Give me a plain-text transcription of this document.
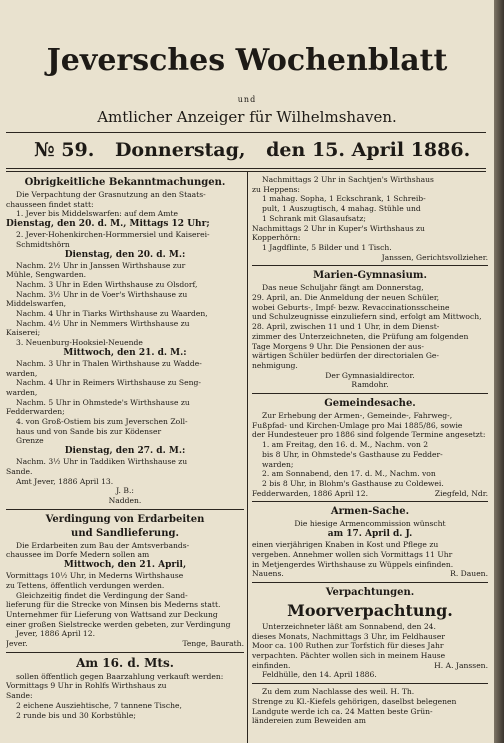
Jeversches Wochenblatt
und
Amtlicher Anzeiger für Wilhelmshaven.
№ 59. Donnerstag, den 15. April 1886.
Obrigkeitliche Bekanntmachungen.

Die Verpachtung der Grasnutzung an den Staats-

chausseen findet statt:

1. Jever bis Middelswarfen: auf dem Amte

Dienstag, den 20. d. M., Mittags 12 Uhr;

2. Jever-Hohenkirchen-Hormmersiel und Kaiserei-

Schmidtshörn

Dienstag, den 20. d. M.:

Nachm. 2½ Uhr in Janssen Wirthshause zur

Mühle, Sengwarden.

Nachm. 3 Uhr in Eden Wirthshause zu Olsdorf,

Nachm. 3½ Uhr in de Voer's Wirthshause zu

Middelswarfen,

Nachm. 4 Uhr in Tiarks Wirthshause zu Waarden,

Nachm. 4½ Uhr in Nemmers Wirthshause zu

Kaiserei;

3. Neuenburg-Hooksiel-Neuende

Mittwoch, den 21. d. M.:

Nachm. 3 Uhr in Thalen Wirthshause zu Wadde-

warden,

Nachm. 4 Uhr in Reimers Wirthshause zu Seng-

warden,

Nachm. 5 Uhr in Ohmstede's Wirthshause zu

Fedderwarden;

4. von Groß-Ostiem bis zum Jeverschen Zoll-

haus und von Sande bis zur Ködenser

Grenze

Dienstag, den 27. d. M.:

Nachm. 3½ Uhr in Taddiken Wirthshause zu

Sande.

Amt Jever, 1886 April 13.

J. B.:

Nadden.

Verdingung von Erdarbeiten
und Sandlieferung.

Die Erdarbeiten zum Bau der Amtsverbands-

chaussee im Dorfe Medern sollen am

Mittwoch, den 21. April,

Vormittags 10½ Uhr, in Mederns Wirthshause

zu Tettens, öffentlich verdungen werden.

Gleichzeitig findet die Verdingung der Sand-

lieferung für die Strecke von Minsen bis Mederns statt.

Unternehmer für Lieferung von Wattsand zur Deckung

einer großen Sielstrecke werden gebeten, zur Verdingung

Jever, 1886 April 12.

Jever.	Tenge, Baurath.
Am 16. d. Mts.

sollen öffentlich gegen Baarzahlung verkauft werden:

Vormittags 9 Uhr in Rohlfs Wirthshaus zu

Sande:

2 eichene Ausziehtische, 7 tannene Tische,

2 runde bis und 30 Korbstühle;

Nachmittags 2 Uhr in Sachtjen's Wirthshaus

zu Heppens:

1 mahag. Sopha, 1 Eckschrank, 1 Schreib-

pult, 1 Auszugtisch, 4 mahag. Stühle und

1 Schrank mit Glasaufsatz;

Nachmittags 2 Uhr in Kuper's Wirthshaus zu

Kopperhörn:

1 Jagdflinte, 5 Bilder und 1 Tisch.

Janssen, Gerichtsvollzieher.

Marien-Gymnasium.

Das neue Schuljahr fängt am Donnerstag,

29. April, an. Die Anmeldung der neuen Schüler,

wobei Geburts-, Impf- bezw. Revaccinationsscheine

und Schulzeugnisse einzuliefern sind, erfolgt am Mittwoch,

28. April, zwischen 11 und 1 Uhr, in dem Dienst-

zimmer des Unterzeichneten, die Prüfung am folgenden

Tage Morgens 9 Uhr. Die Pensionen der aus-

wärtigen Schüler bedürfen der directorialen Ge-

nehmigung.

Der Gymnasialdirector.

Ramdohr.

Gemeindesache.

Zur Erhebung der Armen-, Gemeinde-, Fahrweg-,

Fußpfad- und Kirchen-Umlage pro Mai 1885/86, sowie

der Hundesteuer pro 1886 sind folgende Termine angesetzt:

1. am Freitag, den 16. d. M., Nachm. von 2

bis 8 Uhr, in Ohmstede's Gasthause zu Fedder-

warden;

2. am Sonnabend, den 17. d. M., Nachm. von

2 bis 8 Uhr, in Blohm's Gasthause zu Coldewei.

Fedderwarden, 1886 April 12.	Ziegfeld, Ndr.
Armen-Sache.

Die hiesige Armencommission wünscht

am 17. April d. J.

einen vierjährigen Knaben in Kost und Pflege zu

vergeben. Annehmer wollen sich Vormittags 11 Uhr

in Metjengerdes Wirthshause zu Wüppels einfinden.

Nauens.	R. Dauen.
Verpachtungen.
Moorverpachtung.

Unterzeichneter läßt am Sonnabend, den 24.

dieses Monats, Nachmittags 3 Uhr, im Feldhauser

Moor ca. 100 Ruthen zur Torfstich für dieses Jahr

verpachten. Pächter wollen sich in meinem Hause

einfinden.	H. A. Janssen.

Feldhülle, den 14. April 1886.

Zu dem zum Nachlasse des weil. H. Th.

Strenge zu Kl.-Kiefels gehörigen, daselbst belegenen

Landgute werde ich ca. 24 Matten beste Grün-

ländereien zum Beweiden am
